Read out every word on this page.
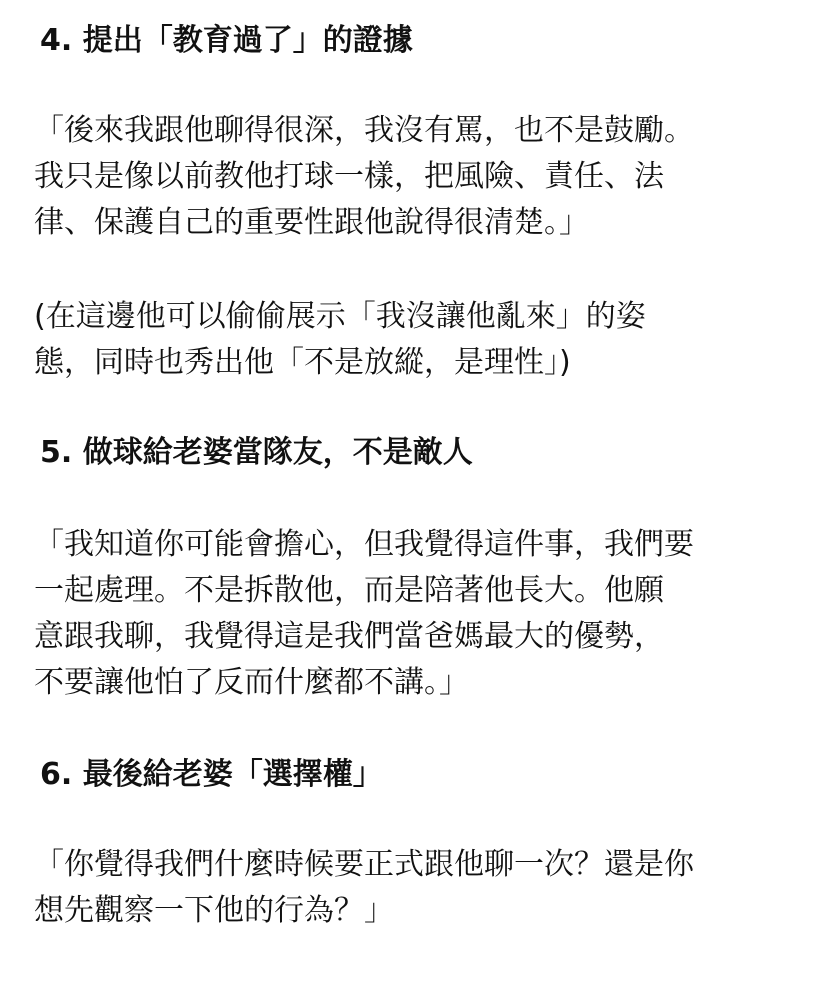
4. 提出「教育過了」的證據
「後來我跟他聊得很深，我沒有罵，也不是鼓勵。
我只是像以前教他打球一樣，把風險、責任、法
律、保護自己的重要性跟他說得很清楚。」
(在這邊他可以偷偷展示「我沒讓他亂來」的姿
態，同時也秀出他「不是放縱，是理性」)
5. 做球給老婆當隊友，不是敵人
「我知道你可能會擔心，但我覺得這件事，我們要
一起處理。不是拆散他，而是陪著他長大。他願
意跟我聊，我覺得這是我們當爸媽最大的優勢，
不要讓他怕了反而什麼都不講。」
6. 最後給老婆「選擇權」
「你覺得我們什麼時候要正式跟他聊一次？還是你
想先觀察一下他的行為？」
